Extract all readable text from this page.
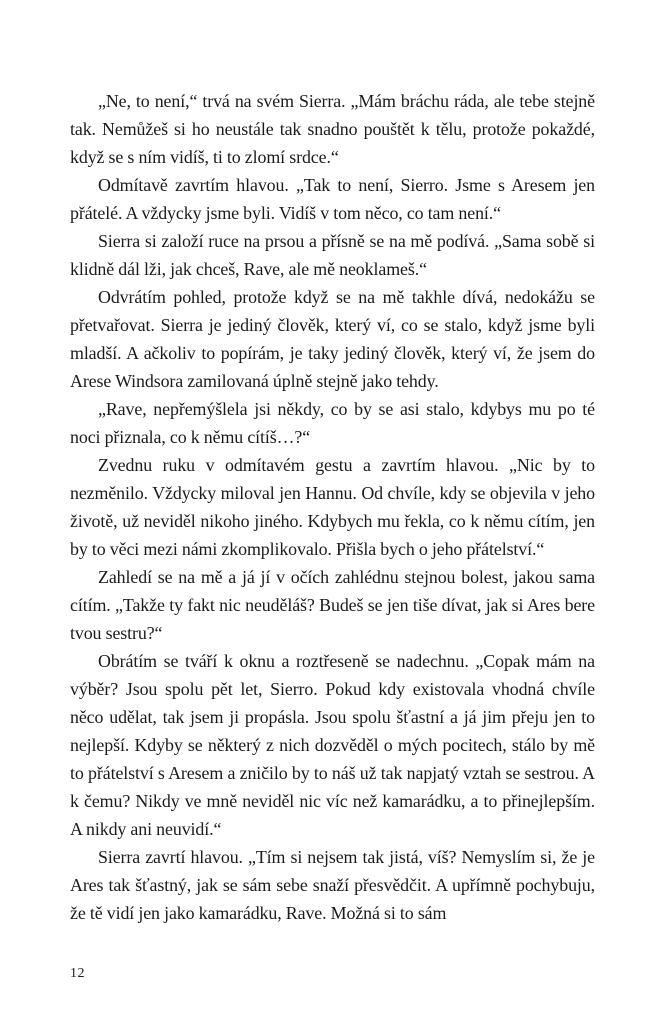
„Ne, to není,“ trvá na svém Sierra. „Mám bráchu ráda, ale tebe stejně tak. Nemůžeš si ho neustále tak snadno pouštět k tělu, protože pokaždé, když se s ním vidíš, ti to zlomí srdce.“

Odmítavě zavrtím hlavou. „Tak to není, Sierro. Jsme s Aresem jen přátelé. A vždycky jsme byli. Vidíš v tom něco, co tam není.“

Sierra si založí ruce na prsou a přísně se na mě podívá. „Sama sobě si klidně dál lži, jak chceš, Rave, ale mě neoklameš.“

Odvrátím pohled, protože když se na mě takhle dívá, nedokážu se přetvařovat. Sierra je jediný člověk, který ví, co se stalo, když jsme byli mladší. A ačkoliv to popírám, je taky jediný člověk, který ví, že jsem do Arese Windsora zamilovaná úplně stejně jako tehdy.

„Rave, nepřemýšlela jsi někdy, co by se asi stalo, kdybys mu po té noci přiznala, co k němu cítíš…?“

Zvednu ruku v odmítavém gestu a zavrtím hlavou. „Nic by to nezměnilo. Vždycky miloval jen Hannu. Od chvíle, kdy se objevila v jeho životě, už neviděl nikoho jiného. Kdybych mu řekla, co k němu cítím, jen by to věci mezi námi zkomplikovalo. Přišla bych o jeho přátelství.“

Zahledí se na mě a já jí v očích zahlédnu stejnou bolest, jakou sama cítím. „Takže ty fakt nic neuděláš? Budeš se jen tiše dívat, jak si Ares bere tvou sestru?“

Obrátím se tváří k oknu a roztřeseně se nadechnu. „Copak mám na výběr? Jsou spolu pět let, Sierro. Pokud kdy existovala vhodná chvíle něco udělat, tak jsem ji propásla. Jsou spolu šťastní a já jim přeju jen to nejlepší. Kdyby se některý z nich dozvěděl o mých pocitech, stálo by mě to přátelství s Aresem a zničilo by to náš už tak napjatý vztah se sestrou. A k čemu? Nikdy ve mně neviděl nic víc než kamarádku, a to přinejlepším. A nikdy ani neuvidí.“

Sierra zavrtí hlavou. „Tím si nejsem tak jistá, víš? Nemyslím si, že je Ares tak šťastný, jak se sám sebe snaží přesvědčit. A upřímně pochybuju, že tě vidí jen jako kamarádku, Rave. Možná si to sám

12
